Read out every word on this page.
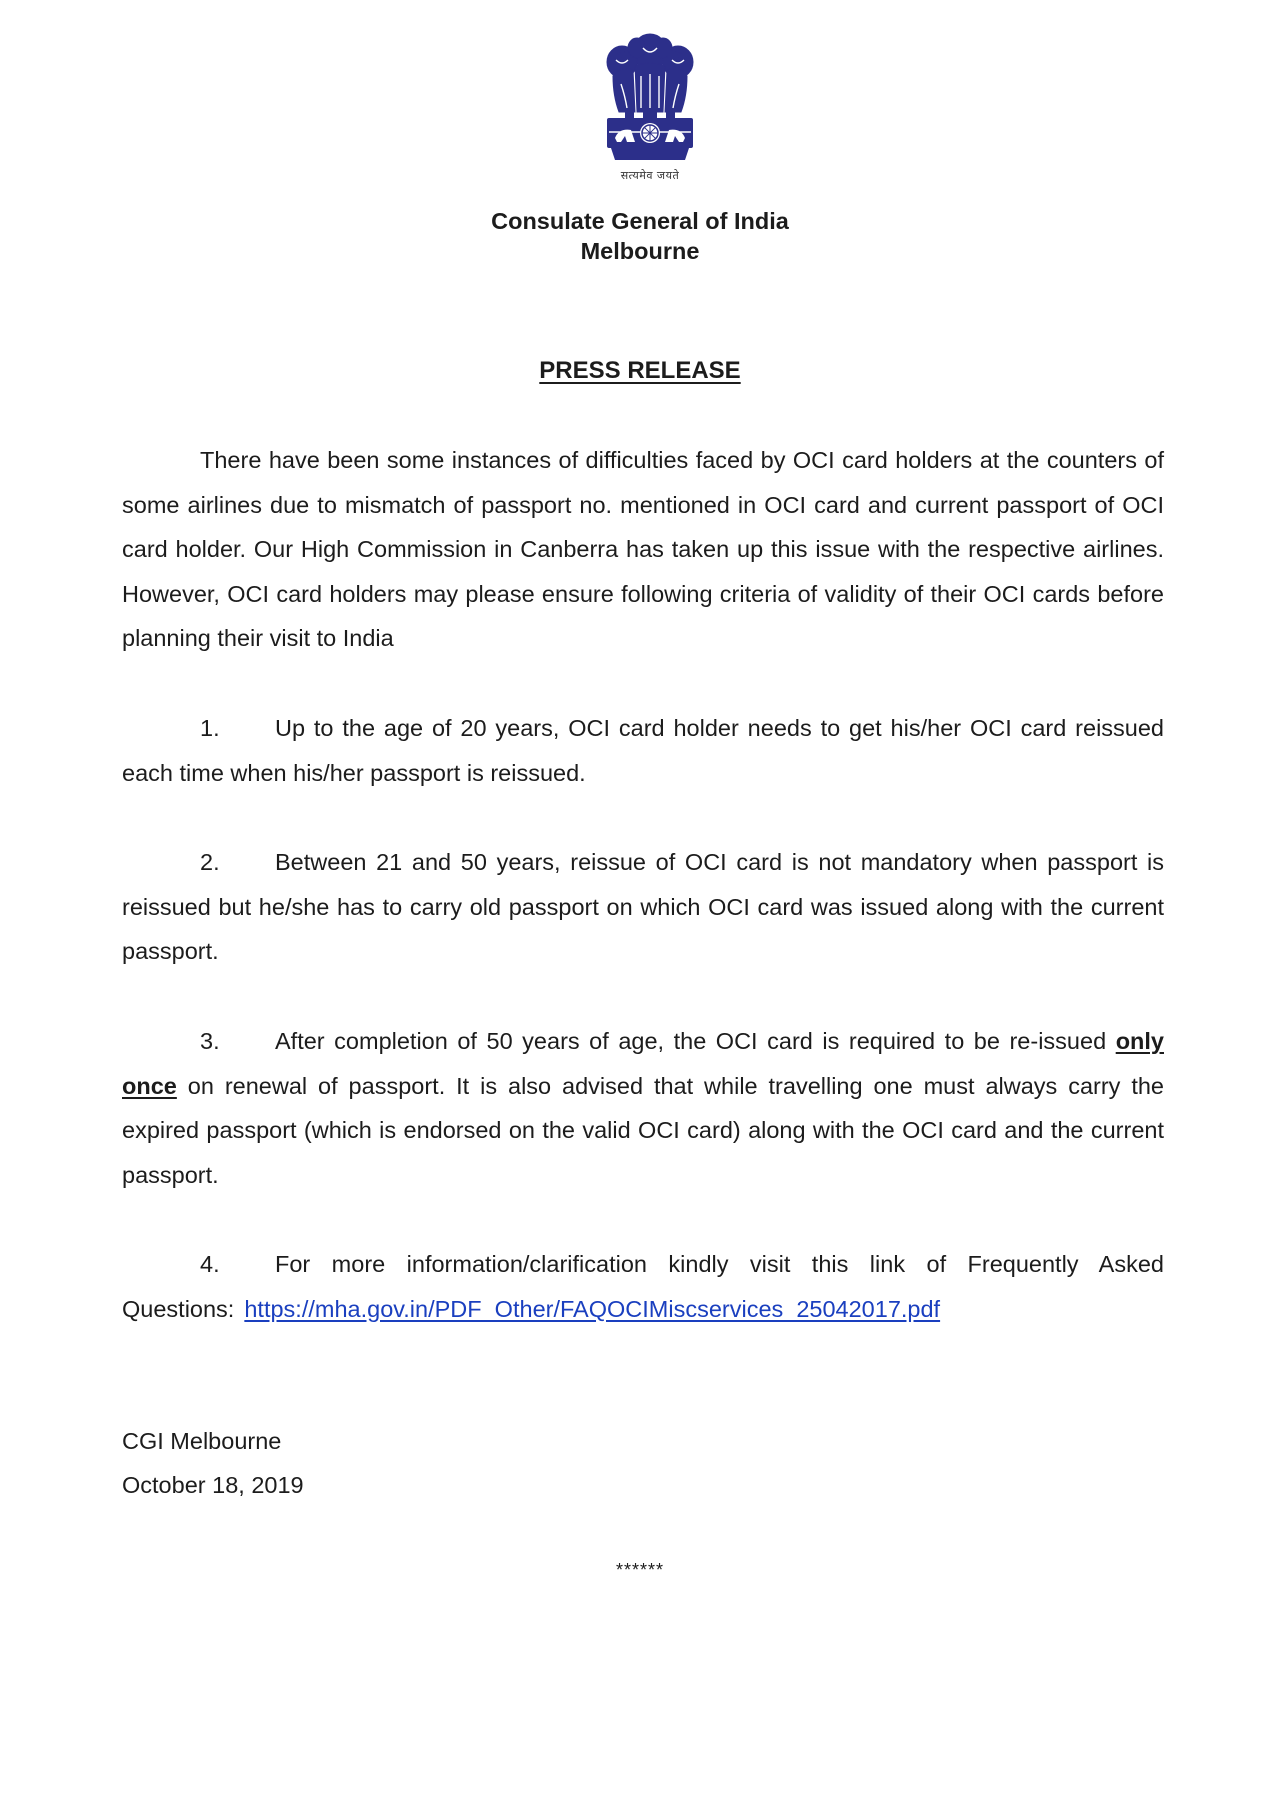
सत्यमेव जयते
Consulate General of India
Melbourne
PRESS RELEASE
There have been some instances of difficulties faced by OCI card holders at the counters of some airlines due to mismatch of passport no. mentioned in OCI card and current passport of OCI card holder. Our High Commission in Canberra has taken up this issue with the respective airlines. However, OCI card holders may please ensure following criteria of validity of their OCI cards before planning their visit to India
1. Up to the age of 20 years, OCI card holder needs to get his/her OCI card reissued each time when his/her passport is reissued.
2. Between 21 and 50 years, reissue of OCI card is not mandatory when passport is reissued but he/she has to carry old passport on which OCI card was issued along with the current passport.
3. After completion of 50 years of age, the OCI card is required to be re-issued only once on renewal of passport. It is also advised that while travelling one must always carry the expired passport (which is endorsed on the valid OCI card) along with the OCI card and the current passport.
4. For more information/clarification kindly visit this link of Frequently Asked Questions: https://mha.gov.in/PDF_Other/FAQOCIMiscservices_25042017.pdf
CGI Melbourne
October 18, 2019
******
